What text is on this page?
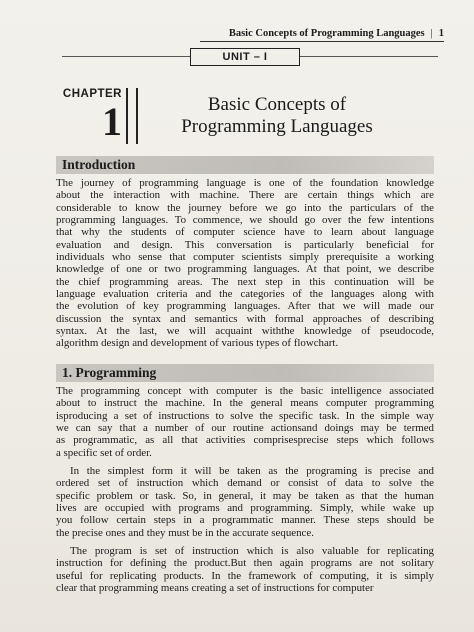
Basic Concepts of Programming Languages | 1
UNIT – I
CHAPTER
1	Basic Concepts of
Programming Languages
Introduction
The journey of programming language is one of the foundation knowledge
about the interaction with machine. There are certain things which are
considerable to know the journey before we go into the particulars of the
programming languages. To commence, we should go over the few intentions
that why the students of computer science have to learn about language
evaluation and design. This conversation is particularly beneficial for
individuals who sense that computer scientists simply prerequisite a working
knowledge of one or two programming languages. At that point, we describe
the chief programming areas. The next step in this continuation will be
language evaluation criteria and the categories of the languages along with
the evolution of key programming languages. After that we will made our
discussion the syntax and semantics with formal approaches of describing
syntax. At the last, we will acquaint withthe knowledge of pseudocode,
algorithm design and development of various types of flowchart.
1. Programming
The programming concept with computer is the basic intelligence associated
about to instruct the machine. In the general means computer programming
isproducing a set of instructions to solve the specific task. In the simple way
we can say that a number of our routine actionsand doings may be termed
as programmatic, as all that activities comprisesprecise steps which follows
a specific set of order.
In the simplest form it will be taken as the programing is precise and
ordered set of instruction which demand or consist of data to solve the
specific problem or task. So, in general, it may be taken as that the human
lives are occupied with programs and programming. Simply, while wake up
you follow certain steps in a programmatic manner. These steps should be
the precise ones and they must be in the accurate sequence.
The program is set of instruction which is also valuable for replicating
instruction for defining the product.But then again programs are not solitary
useful for replicating products. In the framework of computing, it is simply
clear that programming means creating a set of instructions for computer
